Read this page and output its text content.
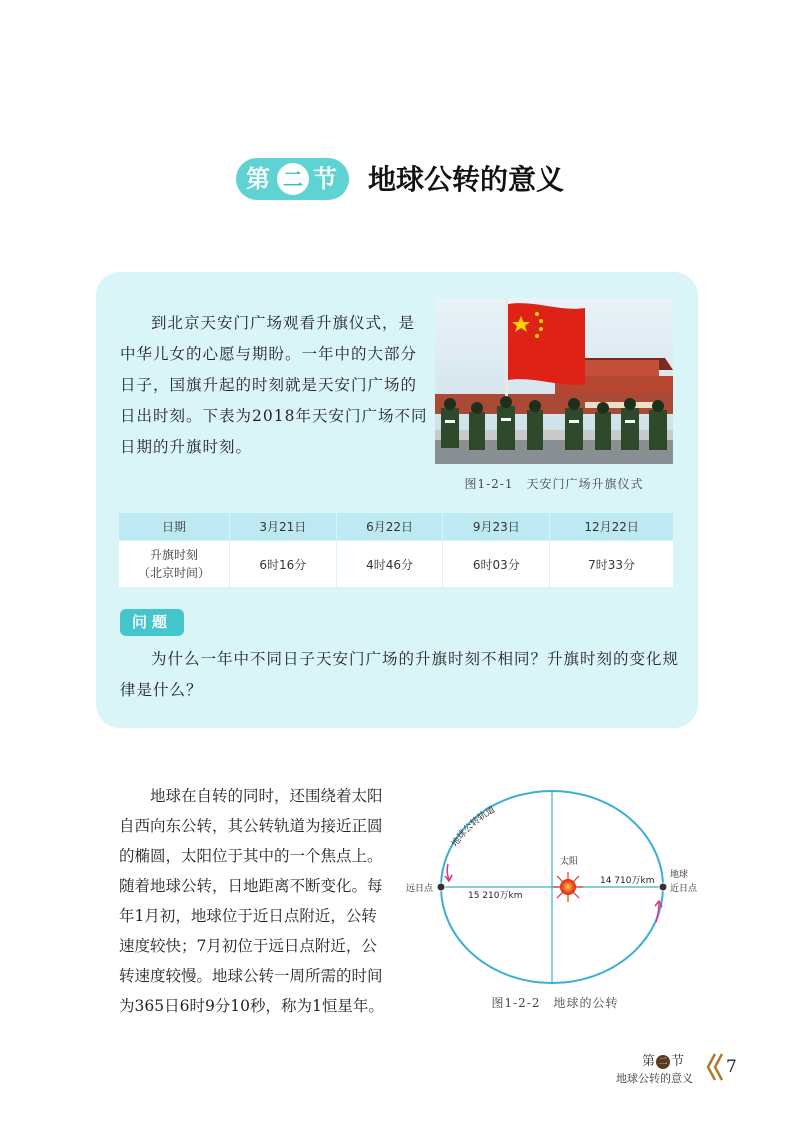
第 二 节 地球公转的意义

到北京天安门广场观看升旗仪式，是中华儿女的心愿与期盼。一年中的大部分日子，国旗升起的时刻就是天安门广场的日出时刻。下表为2018年天安门广场不同日期的升旗时刻。

图1-2-1　天安门广场升旗仪式
日期	3月21日	6月22日	9月23日	12月22日

升旗时刻
（北京时间）	6时16分	4时46分	6时03分	7时33分
问题

为什么一年中不同日子天安门广场的升旗时刻不相同？升旗时刻的变化规律是什么？

地球在自转的同时，还围绕着太阳自西向东公转，其公转轨道为接近正圆的椭圆，太阳位于其中的一个焦点上。随着地球公转，日地距离不断变化。每年1月初，地球位于近日点附近，公转速度较快；7月初位于远日点附近，公转速度较慢。地球公转一周所需的时间为365日6时9分10秒，称为1恒星年。

地球公转轨道
太阳
远日点
15 210万km
地球
近日点
14 710万km
图1-2-2　地球的公转
第 二 节
地球公转的意义
7
